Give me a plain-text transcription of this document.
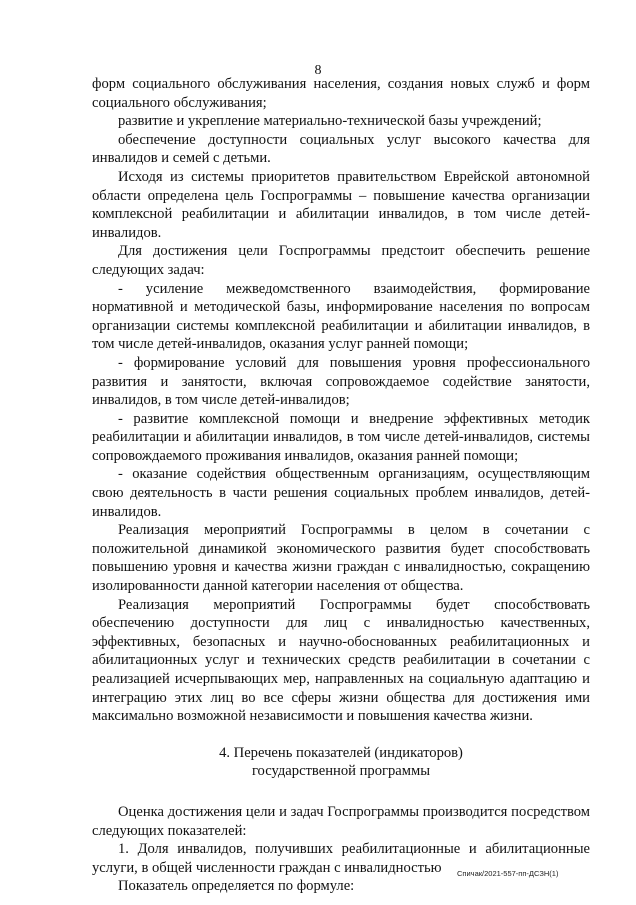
8

форм социального обслуживания населения, создания новых служб и форм социального обслуживания;

развитие и укрепление материально-технической базы учреждений;

обеспечение доступности социальных услуг высокого качества для инвалидов и семей с детьми.

Исходя из системы приоритетов правительством Еврейской автономной области определена цель Госпрограммы – повышение качества организации комплексной реабилитации и абилитации инвалидов, в том числе детей-инвалидов.

Для достижения цели Госпрограммы предстоит обеспечить решение следующих задач:

- усиление межведомственного взаимодействия, формирование нормативной и методической базы, информирование населения по вопросам организации системы комплексной реабилитации и абилитации инвалидов, в том числе детей-инвалидов, оказания услуг ранней помощи;

- формирование условий для повышения уровня профессионального развития и занятости, включая сопровождаемое содействие занятости, инвалидов, в том числе детей-инвалидов;

- развитие комплексной помощи и внедрение эффективных методик реабилитации и абилитации инвалидов, в том числе детей-инвалидов, системы сопровождаемого проживания инвалидов, оказания ранней помощи;

- оказание содействия общественным организациям, осуществляющим свою деятельность в части решения социальных проблем инвалидов, детей-инвалидов.

Реализация мероприятий Госпрограммы в целом в сочетании с положительной динамикой экономического развития будет способствовать повышению уровня и качества жизни граждан с инвалидностью, сокращению изолированности данной категории населения от общества.

Реализация мероприятий Госпрограммы будет способствовать обеспечению доступности для лиц с инвалидностью качественных, эффективных, безопасных и научно-обоснованных реабилитационных и абилитационных услуг и технических средств реабилитации в сочетании с реализацией исчерпывающих мер, направленных на социальную адаптацию и интеграцию этих лиц во все сферы жизни общества для достижения ими максимально возможной независимости и повышения качества жизни.

4. Перечень показателей (индикаторов)
государственной программы

Оценка достижения цели и задач Госпрограммы производится посредством следующих показателей:

1. Доля инвалидов, получивших реабилитационные и абилитационные услуги, в общей численности граждан с инвалидностью

Показатель определяется по формуле:

Спичак/2021-557-пп-ДСЗН(1)
